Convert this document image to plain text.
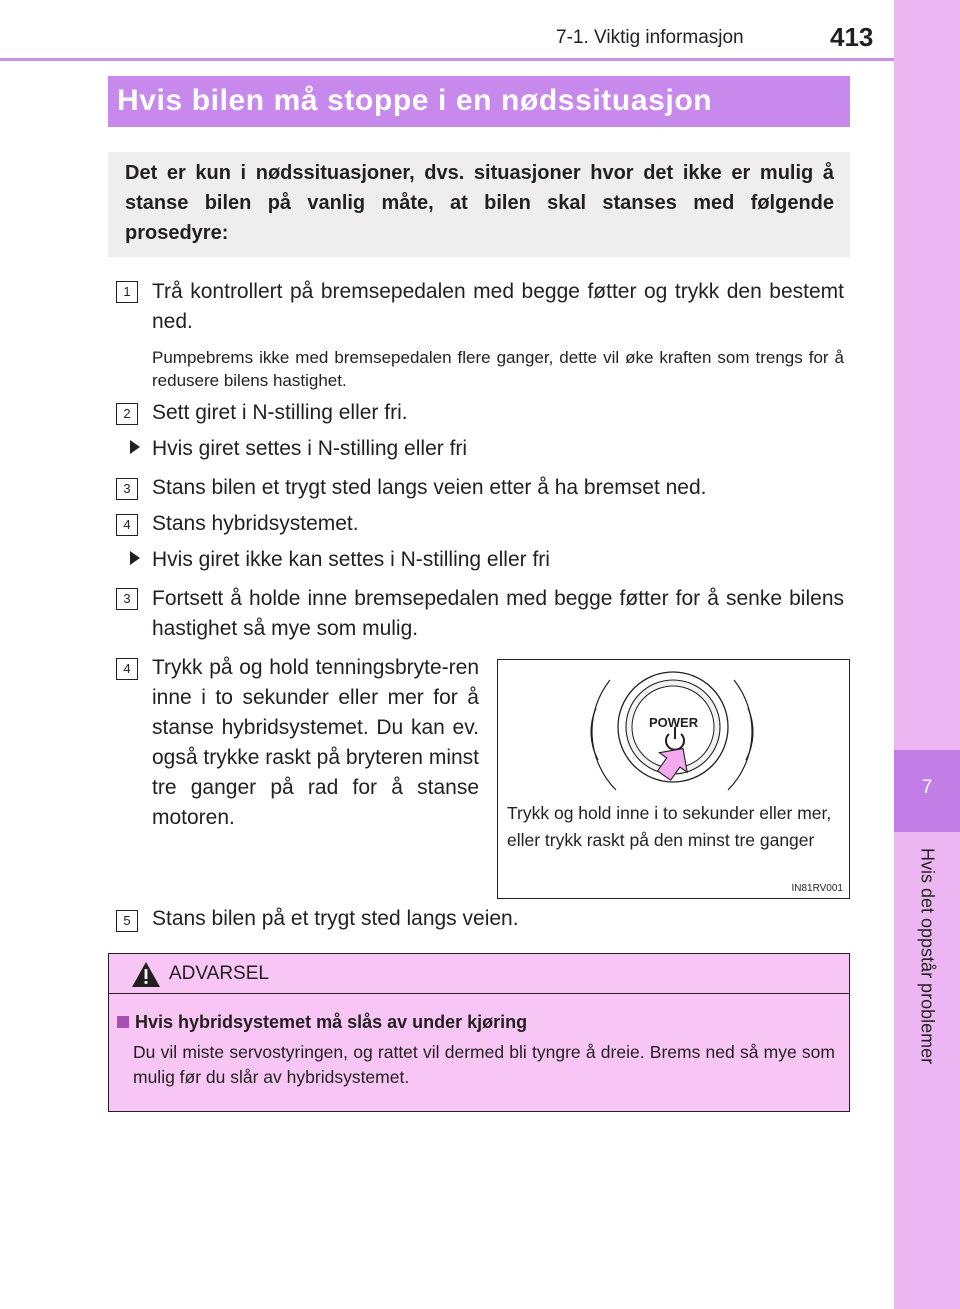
7-1. Viktig informasjon	413
7
Hvis det oppstår problemer
Hvis bilen må stoppe i en nødssituasjon
Det er kun i nødssituasjoner, dvs. situasjoner hvor det ikke er mulig å stanse bilen på vanlig måte, at bilen skal stanses med følgende prosedyre:
1	Trå kontrollert på bremsepedalen med begge føtter og trykk den bestemt ned.
Pumpebrems ikke med bremsepedalen flere ganger, dette vil øke kraften som trengs for å redusere bilens hastighet.
2	Sett giret i N-stilling eller fri.
Hvis giret settes i N-stilling eller fri
3	Stans bilen et trygt sted langs veien etter å ha bremset ned.
4	Stans hybridsystemet.
Hvis giret ikke kan settes i N-stilling eller fri
3	Fortsett å holde inne bremsepedalen med begge føtter for å senke bilens hastighet så mye som mulig.
4	Trykk på og hold tenningsbryte-ren inne i to sekunder eller mer for å stanse hybridsystemet. Du kan ev. også trykke raskt på bryteren minst tre ganger på rad for å stanse motoren.
POWER
Trykk og hold inne i to sekunder eller mer, eller trykk raskt på den minst tre ganger
IN81RV001
5	Stans bilen på et trygt sted langs veien.
ADVARSEL
Hvis hybridsystemet må slås av under kjøring
Du vil miste servostyringen, og rattet vil dermed bli tyngre å dreie. Brems ned så mye som mulig før du slår av hybridsystemet.
